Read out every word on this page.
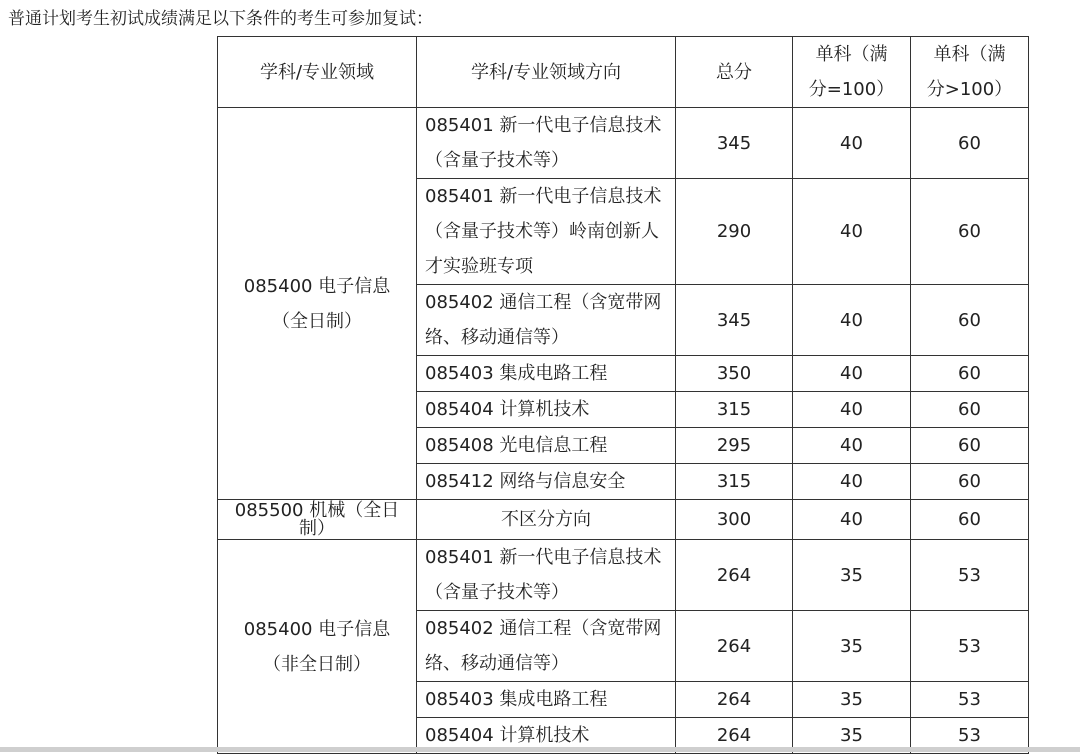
普通计划考生初试成绩满足以下条件的考生可参加复试：
学科/专业领域	学科/专业领域方向	总分	单科（满
分=100）	单科（满
分>100）
085400 电子信息（全日制）	085401 新一代电子信息技术（含量子技术等）	345	40	60
	085401 新一代电子信息技术（含量子技术等）岭南创新人才实验班专项	290	40	60
	085402 通信工程（含宽带网络、移动通信等）	345	40	60
	085403 集成电路工程	350	40	60
	085404 计算机技术	315	40	60
	085408 光电信息工程	295	40	60
	085412 网络与信息安全	315	40	60
085500 机械（全日制）	不区分方向	300	40	60
085400 电子信息（非全日制）	085401 新一代电子信息技术（含量子技术等）	264	35	53
	085402 通信工程（含宽带网络、移动通信等）	264	35	53
	085403 集成电路工程	264	35	53
	085404 计算机技术	264	35	53
